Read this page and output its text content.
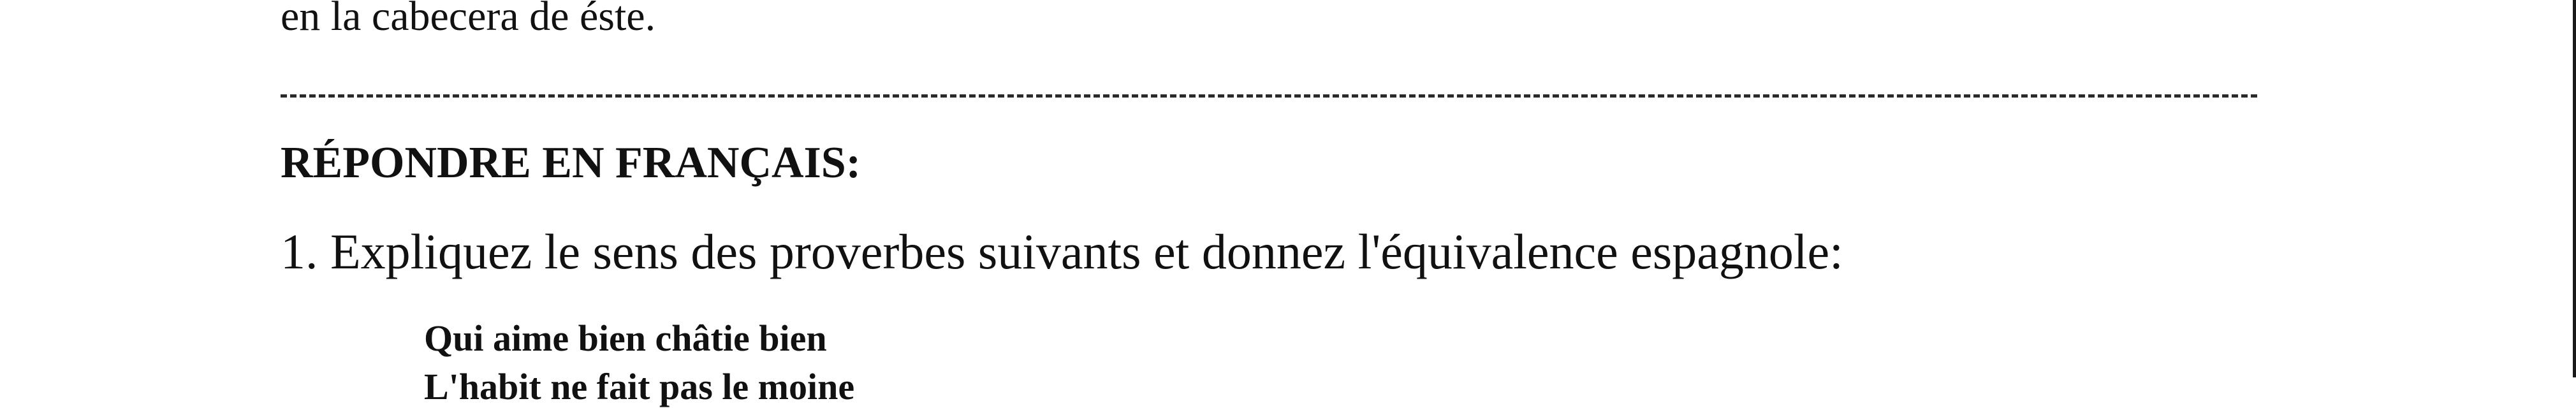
en la cabecera de éste.
RÉPONDRE EN FRANÇAIS:
1. Expliquez le sens des proverbes suivants et donnez l'équivalence espagnole:
Qui aime bien châtie bien
L'habit ne fait pas le moine
